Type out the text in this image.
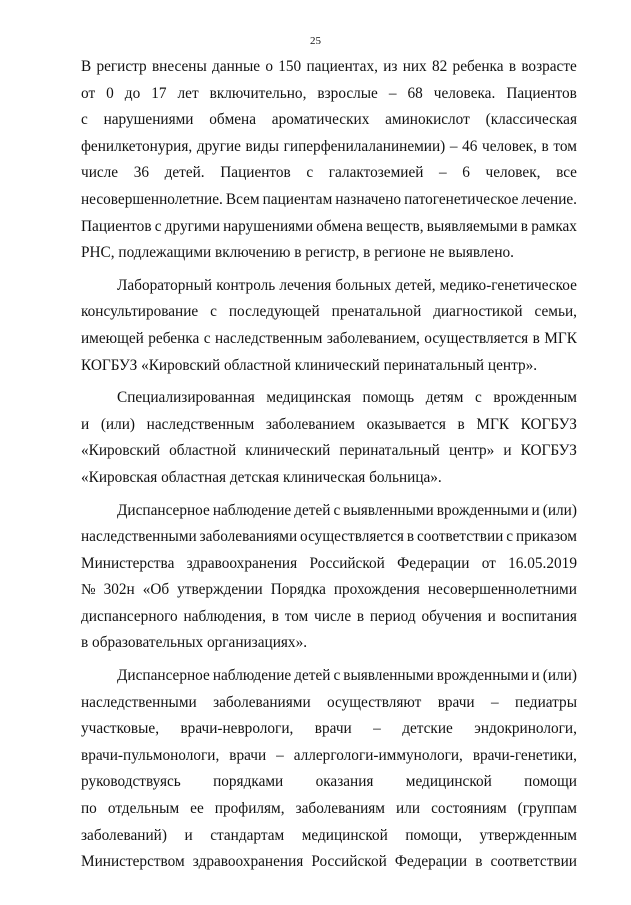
25
В регистр внесены данные о 150 пациентах, из них 82 ребенка в возрасте
от 0 до 17 лет включительно, взрослые – 68 человека. Пациентов
с нарушениями обмена ароматических аминокислот (классическая
фенилкетонурия, другие виды гиперфенилаланинемии) – 46 человек, в том
числе 36 детей. Пациентов с галактоземией – 6 человек, все
несовершеннолетние. Всем пациентам назначено патогенетическое лечение.
Пациентов с другими нарушениями обмена веществ, выявляемыми в рамках
РНС, подлежащими включению в регистр, в регионе не выявлено.
Лабораторный контроль лечения больных детей, медико-генетическое
консультирование с последующей пренатальной диагностикой семьи,
имеющей ребенка с наследственным заболеванием, осуществляется в МГК
КОГБУЗ «Кировский областной клинический перинатальный центр».
Специализированная медицинская помощь детям с врожденным
и (или) наследственным заболеванием оказывается в МГК КОГБУЗ
«Кировский областной клинический перинатальный центр» и КОГБУЗ
«Кировская областная детская клиническая больница».
Диспансерное наблюдение детей с выявленными врожденными и (или)
наследственными заболеваниями осуществляется в соответствии с приказом
Министерства здравоохранения Российской Федерации от 16.05.2019
№ 302н «Об утверждении Порядка прохождения несовершеннолетними
диспансерного наблюдения, в том числе в период обучения и воспитания
в образовательных организациях».
Диспансерное наблюдение детей с выявленными врожденными и (или)
наследственными заболеваниями осуществляют врачи – педиатры
участковые, врачи-неврологи, врачи – детские эндокринологи,
врачи-пульмонологи, врачи – аллергологи-иммунологи, врачи-генетики,
руководствуясь порядками оказания медицинской помощи
по отдельным ее профилям, заболеваниям или состояниям (группам
заболеваний) и стандартам медицинской помощи, утвержденным
Министерством здравоохранения Российской Федерации в соответствии
